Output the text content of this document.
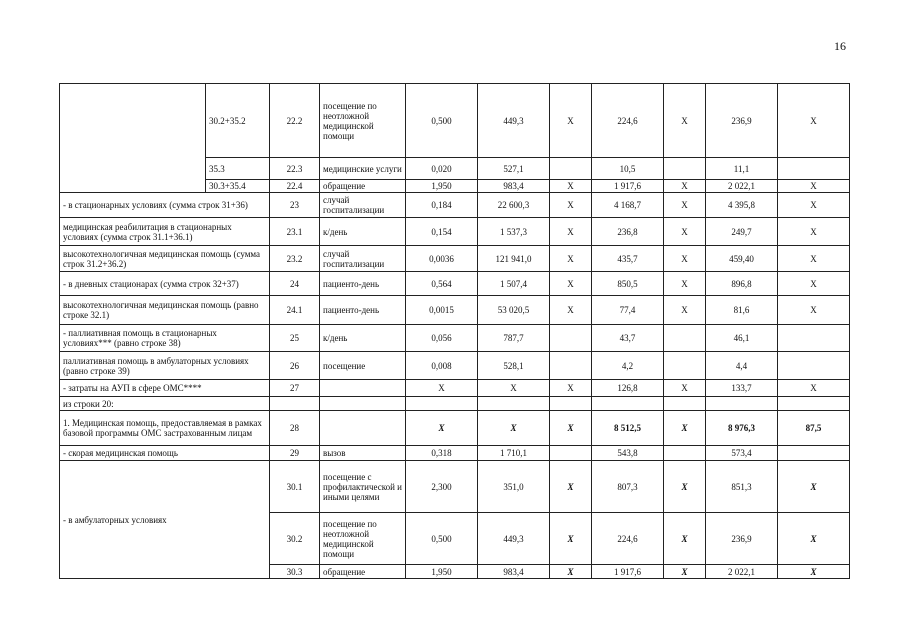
16
	30.2+35.2	22.2	посещение по неотложной медицинской помощи	0,500	449,3	Х	224,6	Х	236,9	Х
	35.3	22.3	медицинские услуги	0,020	527,1		10,5		11,1	
	30.3+35.4	22.4	обращение	1,950	983,4	Х	1 917,6	Х	2 022,1	Х
- в стационарных условиях (сумма строк 31+36)		23	случай госпитализации	0,184	22 600,3	Х	4 168,7	Х	4 395,8	Х
медицинская реабилитация в стационарных условиях (сумма строк 31.1+36.1)		23.1	к/день	0,154	1 537,3	Х	236,8	Х	249,7	Х
высокотехнологичная медицинская помощь (сумма строк 31.2+36.2)		23.2	случай госпитализации	0,0036	121 941,0	Х	435,7	Х	459,40	Х
- в дневных стационарах (сумма строк 32+37)		24	пациенто-день	0,564	1 507,4	Х	850,5	Х	896,8	Х
высокотехнологичная медицинская помощь (равно строке 32.1)		24.1	пациенто-день	0,0015	53 020,5	Х	77,4	Х	81,6	Х
- паллиативная помощь в стационарных условиях*** (равно строке 38)		25	к/день	0,056	787,7		43,7		46,1	
паллиативная помощь в амбулаторных условиях (равно строке 39)		26	посещение	0,008	528,1		4,2		4,4	
- затраты на АУП в сфере ОМС****		27		Х	Х	Х	126,8	Х	133,7	Х
из строки 20:										
1. Медицинская помощь, предоставляемая в рамках базовой программы ОМС застрахованным лицам		28		Х	Х	Х	8 512,5	Х	8 976,3	87,5
- скорая медицинская помощь		29	вызов	0,318	1 710,1		543,8		573,4	
- в амбулаторных условиях		30.1	посещение с профилактической и иными целями	2,300	351,0	Х	807,3	Х	851,3	Х
		30.2	посещение по неотложной медицинской помощи	0,500	449,3	Х	224,6	Х	236,9	Х
		30.3	обращение	1,950	983,4	Х	1 917,6	Х	2 022,1	Х
